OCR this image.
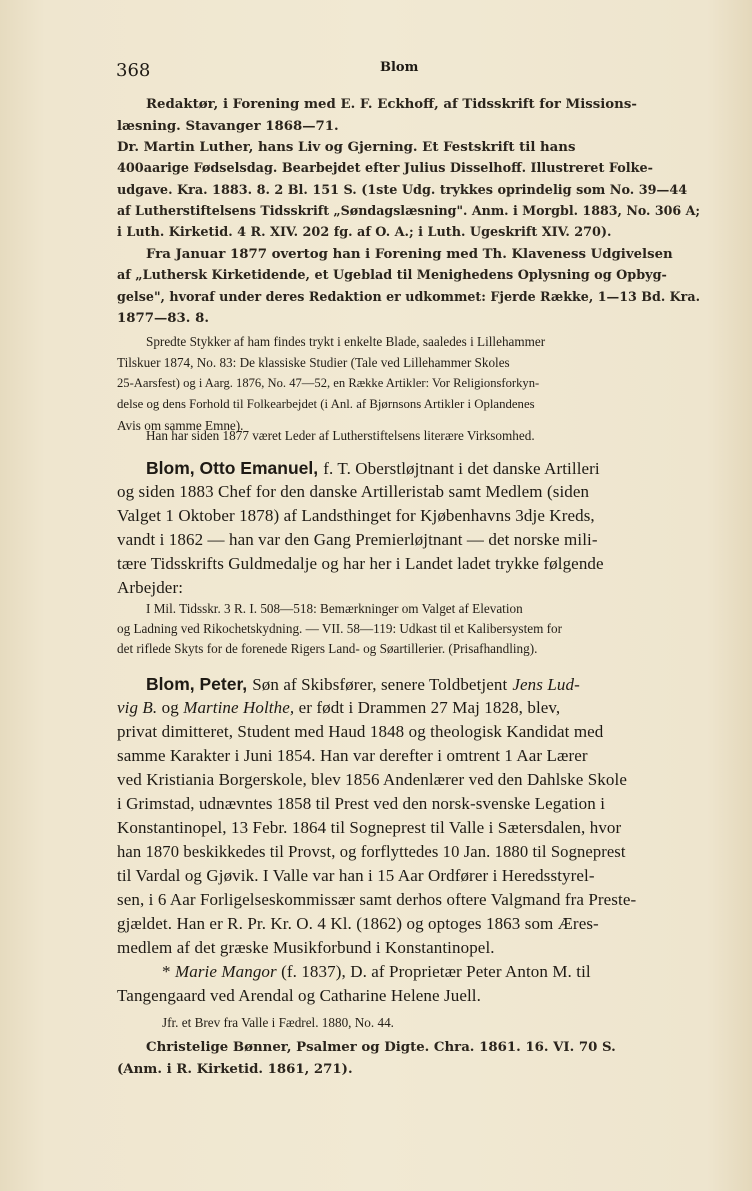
368	Blom
Redaktør, i Forening med E. F. Eckhoff, af Tidsskrift for Missions-
læsning. Stavanger 1868—71.
Dr. Martin Luther, hans Liv og Gjerning. Et Festskrift til hans
400aarige Fødselsdag. Bearbejdet efter Julius Disselhoff. Illustreret Folke-
udgave. Kra. 1883. 8. 2 Bl. 151 S. (1ste Udg. trykkes oprindelig som No. 39—44
af Lutherstiftelsens Tidsskrift „Søndagslæsning". Anm. i Morgbl. 1883, No. 306 A;
i Luth. Kirketid. 4 R. XIV. 202 fg. af O. A.; i Luth. Ugeskrift XIV. 270).
Fra Januar 1877 overtog han i Forening med Th. Klaveness Udgivelsen
af „Luthersk Kirketidende, et Ugeblad til Menighedens Oplysning og Opbyg-
gelse", hvoraf under deres Redaktion er udkommet: Fjerde Række, 1—13 Bd. Kra.
1877—83. 8.
Spredte Stykker af ham findes trykt i enkelte Blade, saaledes i Lillehammer
Tilskuer 1874, No. 83: De klassiske Studier (Tale ved Lillehammer Skoles
25-Aarsfest) og i Aarg. 1876, No. 47—52, en Række Artikler: Vor Religionsforkyn-
delse og dens Forhold til Folkearbejdet (i Anl. af Bjørnsons Artikler i Oplandenes
Avis om samme Emne).
Han har siden 1877 været Leder af Lutherstiftelsens literære Virksomhed.
Blom, Otto Emanuel, f. T. Oberstløjtnant i det danske Artilleri
og siden 1883 Chef for den danske Artilleristab samt Medlem (siden
Valget 1 Oktober 1878) af Landsthinget for Kjøbenhavns 3dje Kreds,
vandt i 1862 — han var den Gang Premierløjtnant — det norske mili-
tære Tidsskrifts Guldmedalje og har her i Landet ladet trykke følgende
Arbejder:
I Mil. Tidsskr. 3 R. I. 508—518: Bemærkninger om Valget af Elevation
og Ladning ved Rikochetskydning. — VII. 58—119: Udkast til et Kalibersystem for
det riflede Skyts for de forenede Rigers Land- og Søartillerier. (Prisafhandling).
Blom, Peter, Søn af Skibsfører, senere Toldbetjent Jens Lud-
vig B. og Martine Holthe, er født i Drammen 27 Maj 1828, blev,
privat dimitteret, Student med Haud 1848 og theologisk Kandidat med
samme Karakter i Juni 1854. Han var derefter i omtrent 1 Aar Lærer
ved Kristiania Borgerskole, blev 1856 Andenlærer ved den Dahlske Skole
i Grimstad, udnævntes 1858 til Prest ved den norsk-svenske Legation i
Konstantinopel, 13 Febr. 1864 til Sogneprest til Valle i Sætersdalen, hvor
han 1870 beskikkedes til Provst, og forflyttedes 10 Jan. 1880 til Sogneprest
til Vardal og Gjøvik. I Valle var han i 15 Aar Ordfører i Heredsstyrel-
sen, i 6 Aar Forligelseskommissær samt derhos oftere Valgmand fra Preste-
gjældet. Han er R. Pr. Kr. O. 4 Kl. (1862) og optoges 1863 som Æres-
medlem af det græske Musikforbund i Konstantinopel.
* Marie Mangor (f. 1837), D. af Proprietær Peter Anton M. til
Tangengaard ved Arendal og Catharine Helene Juell.
Jfr. et Brev fra Valle i Fædrel. 1880, No. 44.
Christelige Bønner, Psalmer og Digte. Chra. 1861. 16. VI. 70 S.
(Anm. i R. Kirketid. 1861, 271).
